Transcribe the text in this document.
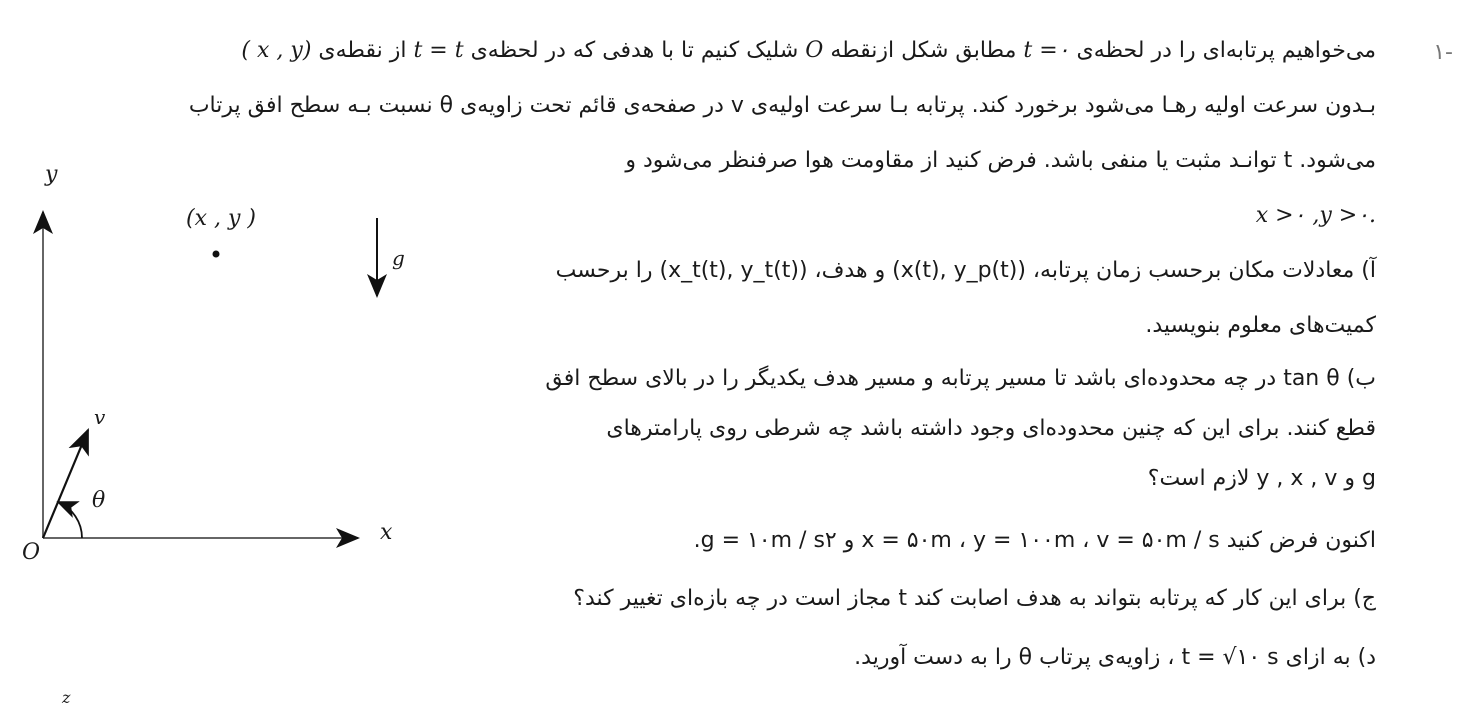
-۱
می‌خواهیم پرتابه‌ای را در لحظه‌ی t =۰ مطابق شکل ازنقطه O شلیک کنیم تا با هدفی که در لحظه‌ی t = t از نقطه‌ی (x , y )
بـدون سرعت اولیه رهـا می‌شود برخورد کند. پرتابه بـا سرعت اولیه‌ی v در صفحه‌ی قائم تحت زاویه‌ی θ نسبت بـه سطح افق پرتاب
می‌شود. t توانـد مثبت یا منفی باشد. فرض کنید از مقاومت هوا صرفنظر می‌شود و
.x >۰ ,y >۰
آ) معادلات مکان برحسب زمان پرتابه، (x(t), y_p(t)) و هدف، (x_t(t), y_t(t)) را برحسب
کمیت‌های معلوم بنویسید.
ب) tan θ در چه محدوده‌ای باشد تا مسیر پرتابه و مسیر هدف یکدیگر را در بالای سطح افق
قطع کنند. برای این که چنین محدوده‌ای وجود داشته باشد چه شرطی روی پارامترهای
g و y , x , v لازم است؟
اکنون فرض کنید x = ۵۰m ، y = ۱۰۰m ، v = ۵۰m / s و g = ۱۰m / s۲.
ج) برای این کار که پرتابه بتواند به هدف اصابت کند t مجاز است در چه بازه‌ای تغییر کند؟
د) به ازای t = √۱۰ s ، زاویه‌ی پرتاب θ را به دست آورید.
y
x
O
(x , y )
g
v
θ
z
